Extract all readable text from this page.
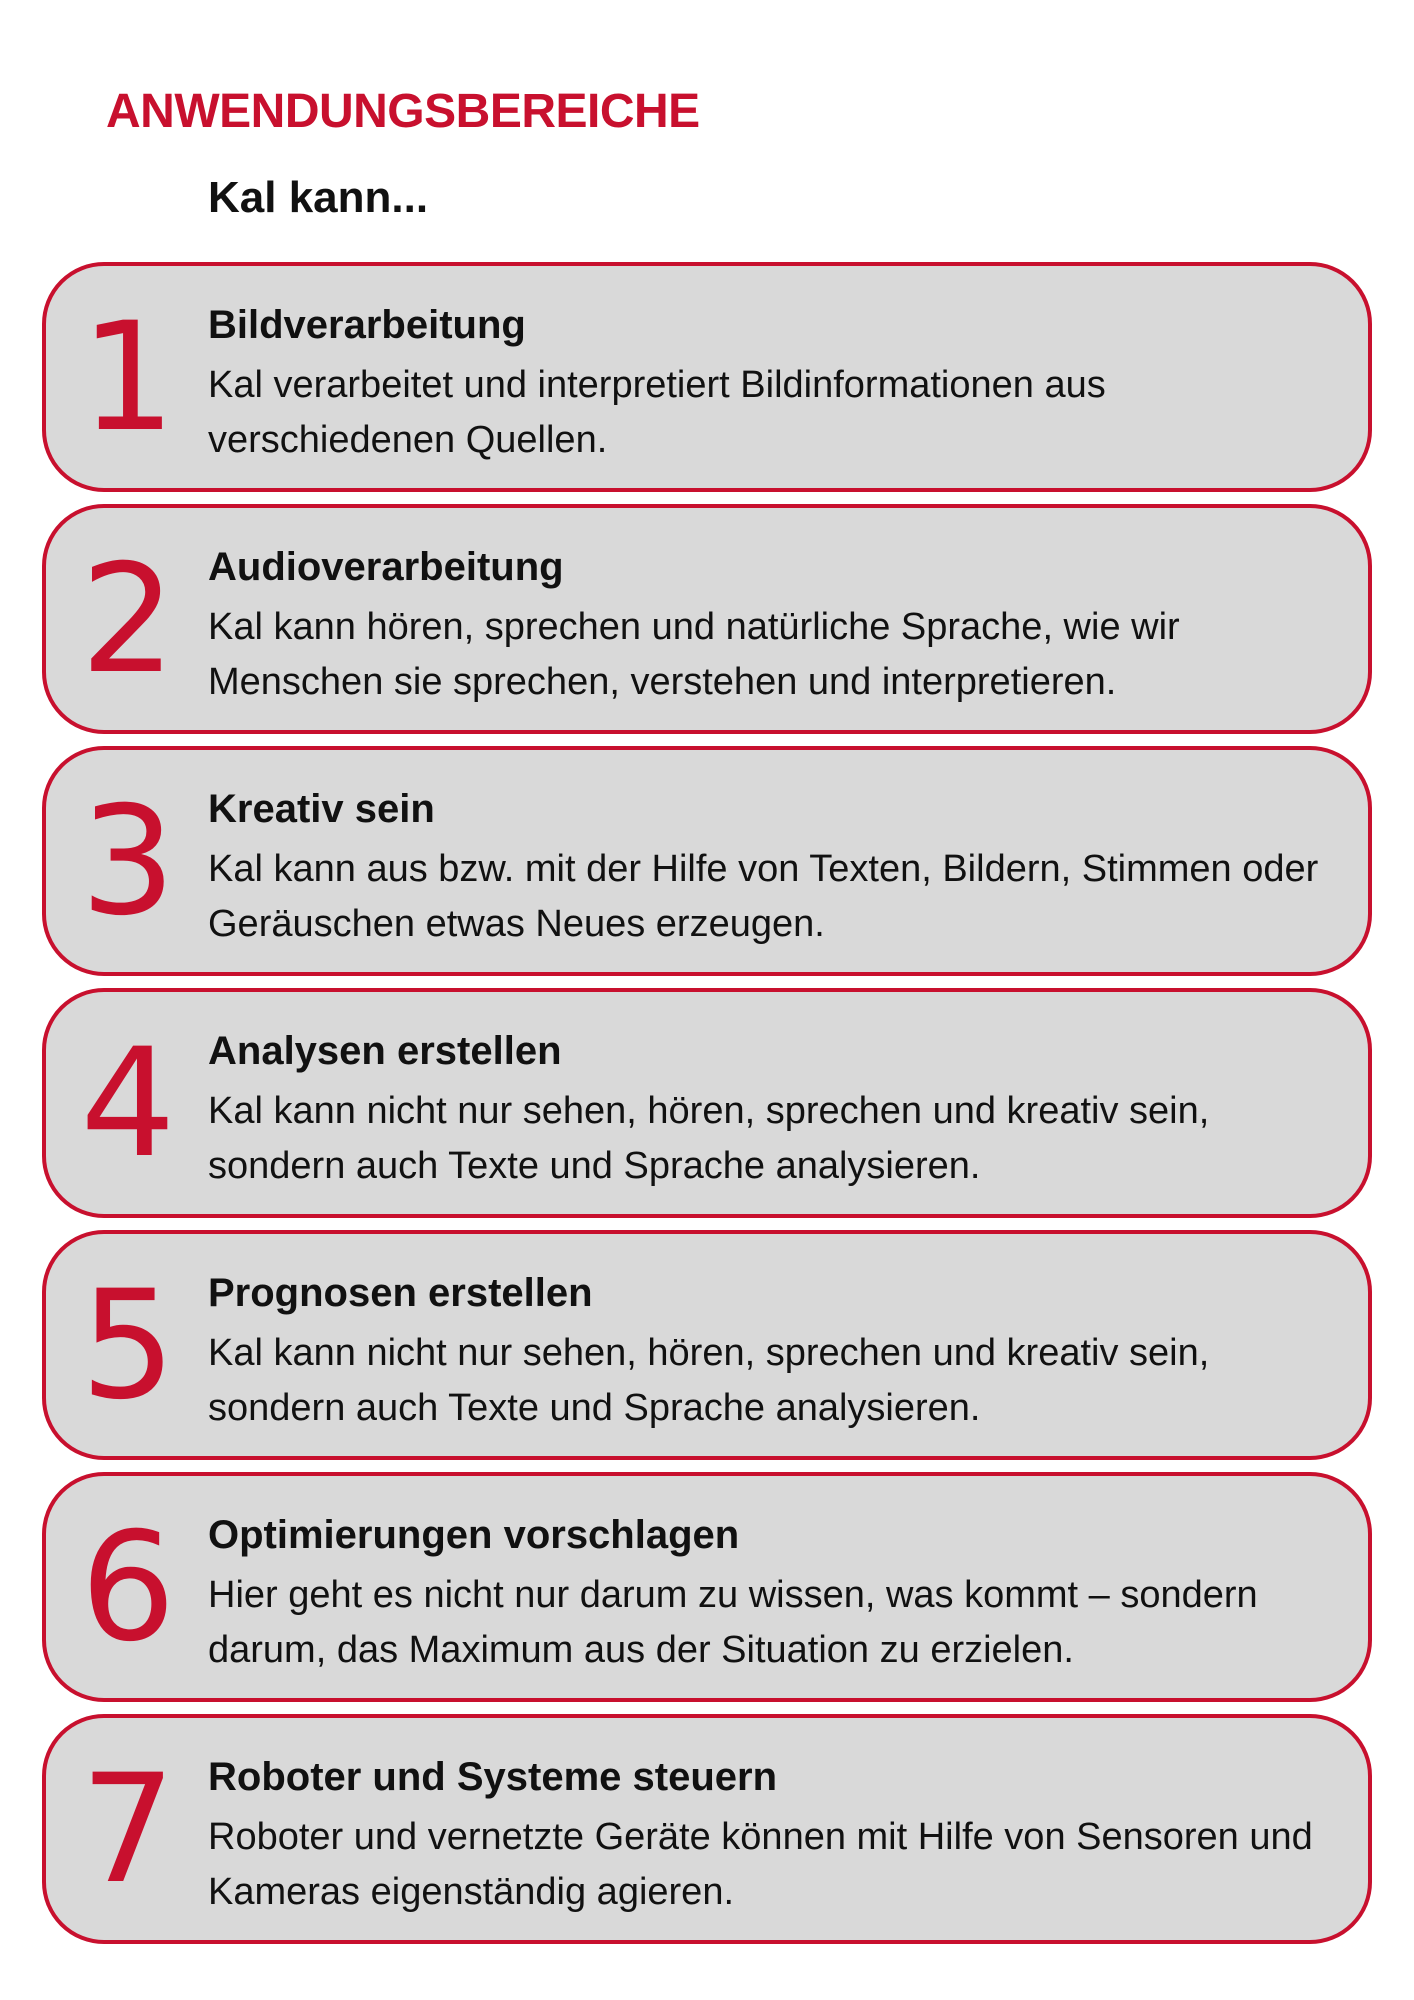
ANWENDUNGSBEREICHE
Kal kann...
1 Bildverarbeitung

Kal verarbeitet und interpretiert Bildinformationen aus verschiedenen Quellen.

2 Audioverarbeitung

Kal kann hören, sprechen und natürliche Sprache, wie wir Menschen sie sprechen, verstehen und interpretieren.

3 Kreativ sein

Kal kann aus bzw. mit der Hilfe von Texten, Bildern, Stimmen oder Geräuschen etwas Neues erzeugen.

4 Analysen erstellen

Kal kann nicht nur sehen, hören, sprechen und kreativ sein, sondern auch Texte und Sprache analysieren.

5 Prognosen erstellen

Kal kann nicht nur sehen, hören, sprechen und kreativ sein, sondern auch Texte und Sprache analysieren.

6 Optimierungen vorschlagen

Hier geht es nicht nur darum zu wissen, was kommt – sondern darum, das Maximum aus der Situation zu erzielen.

7 Roboter und Systeme steuern

Roboter und vernetzte Geräte können mit Hilfe von Sensoren und Kameras eigenständig agieren.
